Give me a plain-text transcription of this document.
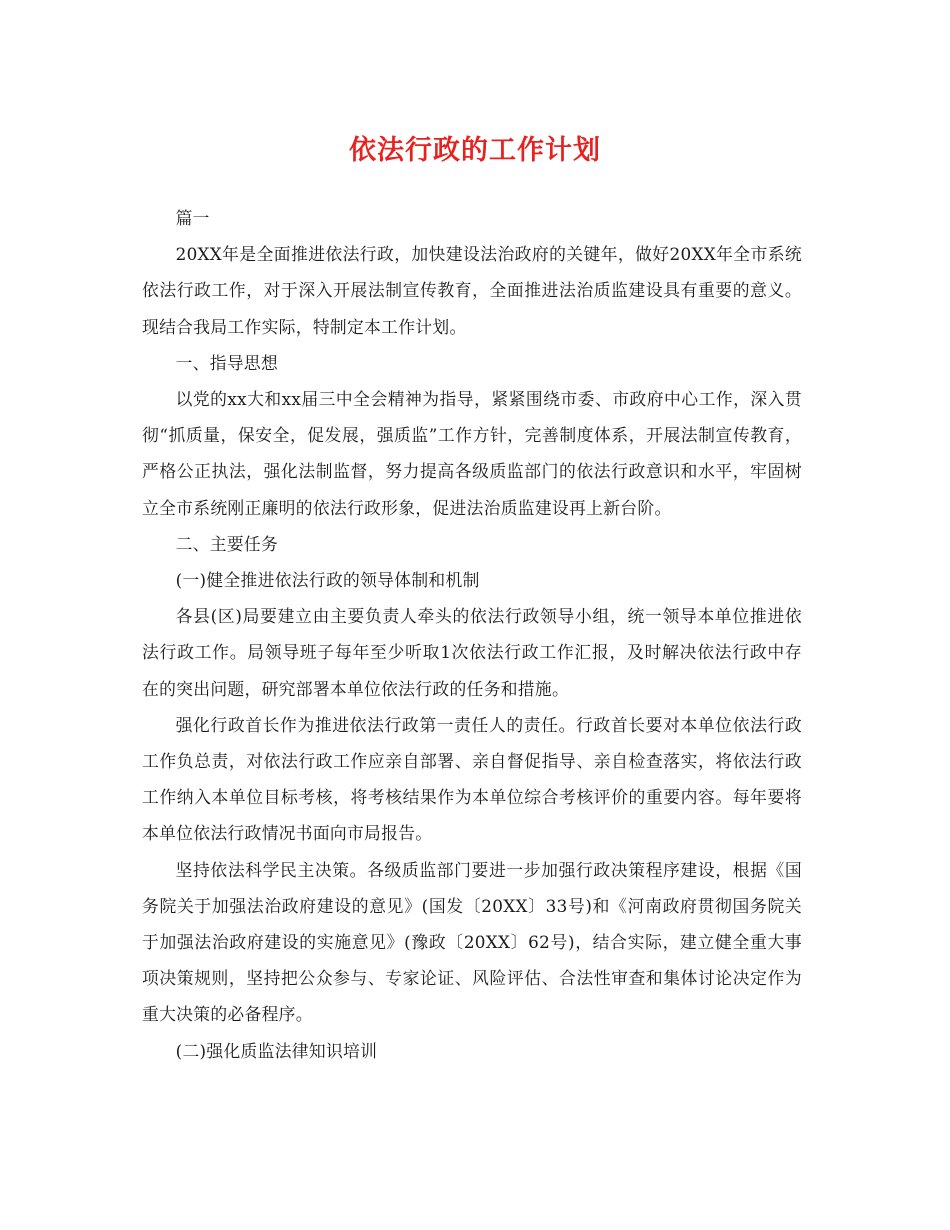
依法行政的工作计划

篇一

20XX年是全面推进依法行政，加快建设法治政府的关键年，做好20XX年全市系统依法行政工作，对于深入开展法制宣传教育，全面推进法治质监建设具有重要的意义。现结合我局工作实际，特制定本工作计划。

一、指导思想

以党的xx大和xx届三中全会精神为指导，紧紧围绕市委、市政府中心工作，深入贯彻“抓质量，保安全，促发展，强质监”工作方针，完善制度体系，开展法制宣传教育，严格公正执法，强化法制监督，努力提高各级质监部门的依法行政意识和水平，牢固树立全市系统刚正廉明的依法行政形象，促进法治质监建设再上新台阶。

二、主要任务

(一)健全推进依法行政的领导体制和机制

各县(区)局要建立由主要负责人牵头的依法行政领导小组，统一领导本单位推进依法行政工作。局领导班子每年至少听取1次依法行政工作汇报，及时解决依法行政中存在的突出问题，研究部署本单位依法行政的任务和措施。

强化行政首长作为推进依法行政第一责任人的责任。行政首长要对本单位依法行政工作负总责，对依法行政工作应亲自部署、亲自督促指导、亲自检查落实，将依法行政工作纳入本单位目标考核，将考核结果作为本单位综合考核评价的重要内容。每年要将本单位依法行政情况书面向市局报告。

坚持依法科学民主决策。各级质监部门要进一步加强行政决策程序建设，根据《国务院关于加强法治政府建设的意见》(国发〔20XX〕33号)和《河南政府贯彻国务院关于加强法治政府建设的实施意见》(豫政〔20XX〕62号)，结合实际，建立健全重大事项决策规则，坚持把公众参与、专家论证、风险评估、合法性审查和集体讨论决定作为重大决策的必备程序。

(二)强化质监法律知识培训
